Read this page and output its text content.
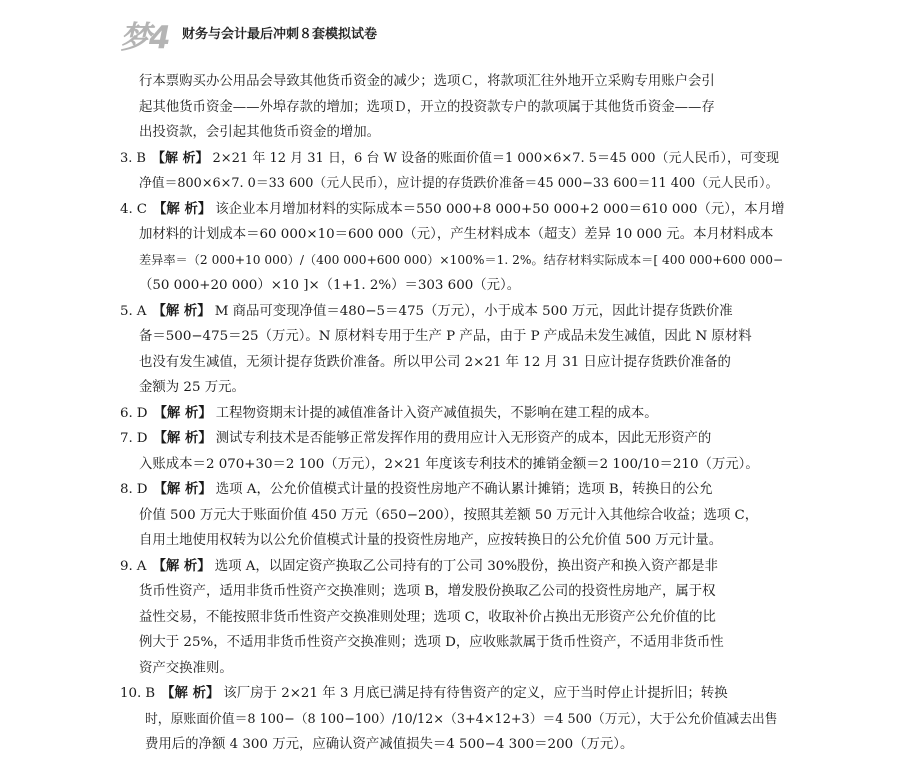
梦4 财务与会计最后冲刺８套模拟试卷
行本票购买办公用品会导致其他货币资金的减少；选项Ｃ，将款项汇往外地开立采购专用账户会引
起其他货币资金——外埠存款的增加；选项Ｄ，开立的投资款专户的款项属于其他货币资金——存
出投资款，会引起其他货币资金的增加。
3. B 【解 析】 2×21 年 12 月 31 日，6 台 W 设备的账面价值＝1 000×6×7. 5＝45 000（元人民币），可变现
净值＝800×6×7. 0＝33 600（元人民币），应计提的存货跌价准备＝45 000−33 600＝11 400（元人民币）。
4. C 【解 析】 该企业本月增加材料的实际成本＝550 000+8 000+50 000+2 000＝610 000（元），本月增
加材料的计划成本＝60 000×10＝600 000（元），产生材料成本（超支）差异 10 000 元。本月材料成本
差异率＝（2 000+10 000）/（400 000+600 000）×100%＝1. 2%。结存材料实际成本＝[ 400 000+600 000−
（50 000+20 000）×10 ]×（1+1. 2%）＝303 600（元）。
5. A 【解 析】 M 商品可变现净值＝480−5＝475（万元），小于成本 500 万元，因此计提存货跌价准
备＝500−475＝25（万元）。N 原材料专用于生产 P 产品，由于 P 产成品未发生减值，因此 N 原材料
也没有发生减值，无须计提存货跌价准备。所以甲公司 2×21 年 12 月 31 日应计提存货跌价准备的
金额为 25 万元。
6. D 【解 析】 工程物资期末计提的减值准备计入资产减值损失，不影响在建工程的成本。
7. D 【解 析】 测试专利技术是否能够正常发挥作用的费用应计入无形资产的成本，因此无形资产的
入账成本＝2 070+30＝2 100（万元），2×21 年度该专利技术的摊销金额＝2 100/10＝210（万元）。
8. D 【解 析】 选项 A，公允价值模式计量的投资性房地产不确认累计摊销；选项 B，转换日的公允
价值 500 万元大于账面价值 450 万元（650−200），按照其差额 50 万元计入其他综合收益；选项 C，
自用土地使用权转为以公允价值模式计量的投资性房地产，应按转换日的公允价值 500 万元计量。
9. A 【解 析】 选项 A，以固定资产换取乙公司持有的丁公司 30%股份，换出资产和换入资产都是非
货币性资产，适用非货币性资产交换准则；选项 B，增发股份换取乙公司的投资性房地产，属于权
益性交易，不能按照非货币性资产交换准则处理；选项 C，收取补价占换出无形资产公允价值的比
例大于 25%，不适用非货币性资产交换准则；选项 D，应收账款属于货币性资产，不适用非货币性
资产交换准则。
10. B 【解 析】 该厂房于 2×21 年 3 月底已满足持有待售资产的定义，应于当时停止计提折旧；转换
时，原账面价值＝8 100−（8 100−100）/10/12×（3+4×12+3）＝4 500（万元），大于公允价值减去出售
费用后的净额 4 300 万元，应确认资产减值损失＝4 500−4 300＝200（万元）。
